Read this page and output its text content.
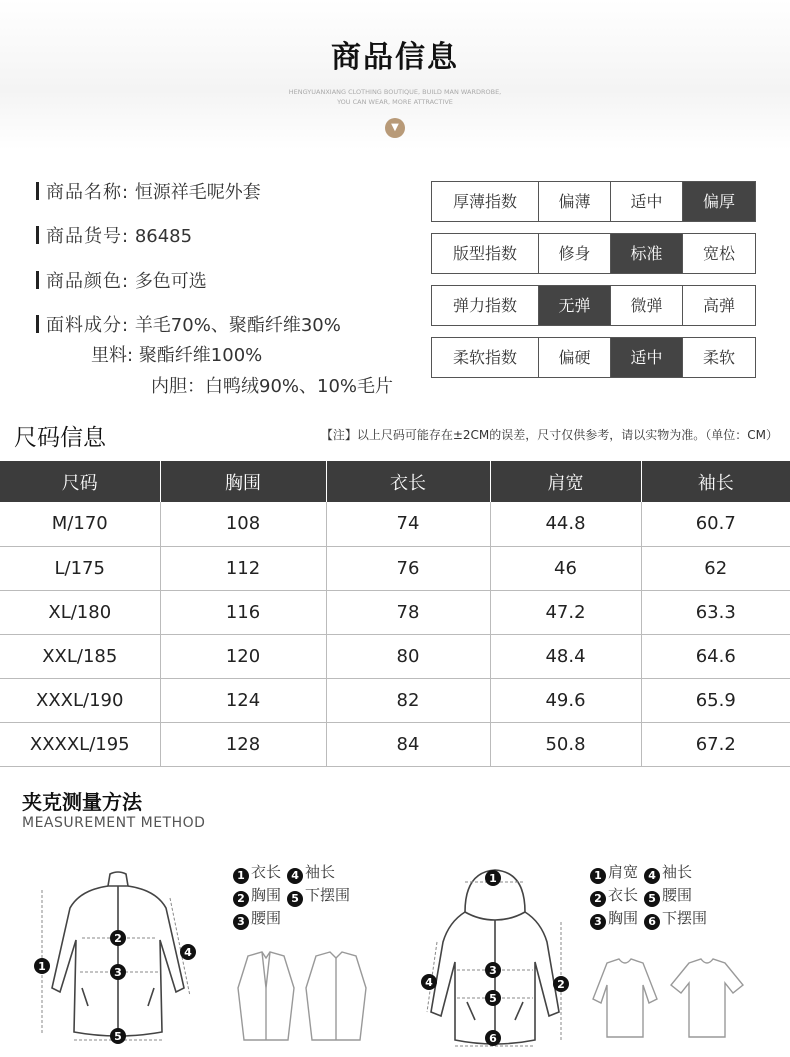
商品信息
HENGYUANXIANG CLOTHING BOUTIQUE, BUILD MAN WARDROBE,
YOU CAN WEAR, MORE ATTRACTIVE
▼
商品名称: 恒源祥毛呢外套
商品货号: 86485
商品颜色: 多色可选
面料成分: 羊毛70%、聚酯纤维30%
里料: 聚酯纤维100%
内胆：白鸭绒90%、10%毛片
厚薄指数	偏薄	适中	偏厚
版型指数	修身	标准	宽松
弹力指数	无弹	微弹	高弹
柔软指数	偏硬	适中	柔软
尺码信息	【注】以上尺码可能存在±2CM的误差，尺寸仅供参考，请以实物为准。（单位：CM）
尺码	胸围	衣长	肩宽	袖长
M/170	108	74	44.8	60.7
L/175	112	76	46	62
XL/180	116	78	47.2	63.3
XXL/185	120	80	48.4	64.6
XXXL/190	124	82	49.6	65.9
XXXXL/195	128	84	50.8	67.2
夹克测量方法
MEASUREMENT METHOD
1 衣长 4 袖长
2 胸围 5 下摆围
3 腰围
1 肩宽 4 袖长
2 衣长 5 腰围
3 胸围 6 下摆围
1
2
3
4
5
1
2
3
4
5
6
